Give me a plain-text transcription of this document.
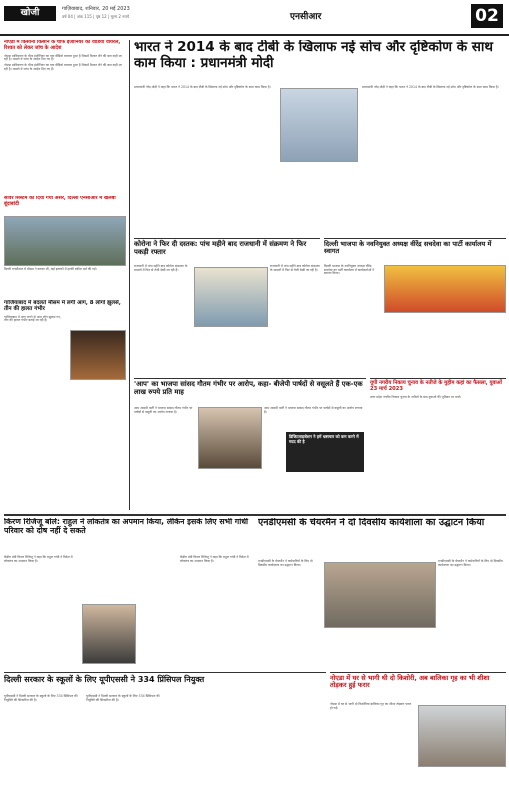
खोजी एनसीआर
गाज़ियाबाद, शनिवार, 20 मई 2023
वर्ष 04 | अंक 115 | पृष्ठ 12 | मूल्य 2 रुपये	एनसीआर	02
नोएडा में किसानी किसान के चीफ इंजीनियर का वीडियो वायरल, रिश्वत को लेकर जांच के आदेश
नोएडा प्राधिकरण के चीफ इंजीनियर का एक वीडियो वायरल हुआ है जिसमें रिश्वत लेने की बात कही जा रही है। मामले में जांच के आदेश दिए गए हैं।
नोएडा प्राधिकरण के चीफ इंजीनियर का एक वीडियो वायरल हुआ है जिसमें रिश्वत लेने की बात कही जा रही है। मामले में जांच के आदेश दिए गए हैं।
सीवर सिस्टम का दिया गया असर, दिल्ली एनसीआर में खलबी बूंदाबांदी
दिल्ली एनसीआर में मौसम ने करवट ली, कई इलाकों में हल्की बारिश दर्ज की गई।
गाजियाबाद में बदलते मौसम में लगी आग, 8 लोगों झुलसे, तीन की हालत गंभीर
गाजियाबाद में आग लगने से आठ लोग झुलस गए, तीन की हालत गंभीर बताई जा रही है।
भारत ने 2014 के बाद टीबी के खिलाफ नई सोच और दृष्टिकोण के साथ काम किया : प्रधानमंत्री मोदी
प्रधानमंत्री नरेंद्र मोदी ने कहा कि भारत ने 2014 के बाद टीबी के खिलाफ नई सोच और दृष्टिकोण के साथ काम किया है।	प्रधानमंत्री नरेंद्र मोदी ने कहा कि भारत ने 2014 के बाद टीबी के खिलाफ नई सोच और दृष्टिकोण के साथ काम किया है।
कोरोना ने फिर दी दस्तक: पांच महीने बाद राजधानी में संक्रमण ने फिर पकड़ी रफ्तार
राजधानी में पांच महीने बाद कोरोना संक्रमण के मामलों में फिर से तेजी देखी जा रही है।
राजधानी में पांच महीने बाद कोरोना संक्रमण के मामलों में फिर से तेजी देखी जा रही है।
दिल्ली भाजपा के नवनियुक्त अध्यक्ष वीरेंद्र सचदेवा का पार्टी कार्यालय में स्वागत
दिल्ली भाजपा के नवनियुक्त अध्यक्ष वीरेंद्र सचदेवा का पार्टी कार्यालय में कार्यकर्ताओं ने स्वागत किया।
'आप' का भाजपा सांसद गौतम गंभीर पर आरोप, कहा- बीजेपी पार्षदों से वसूलते हैं एक-एक लाख रुपये प्रति माह
आम आदमी पार्टी ने भाजपा सांसद गौतम गंभीर पर पार्षदों से वसूली का आरोप लगाया है।
आम आदमी पार्टी ने भाजपा सांसद गौतम गंभीर पर पार्षदों से वसूली का आरोप लगाया है।
डिजिटलाइजेशन ने हमें भ्रष्टाचार को कम करने में मदद की है
यूपी नगरीय निकाय चुनाव के नतीजे के मुहीम कहां का फैसला, युवाओं 23 मार्च 2023
उत्तर प्रदेश नगरीय निकाय चुनाव के नतीजों के बाद युवाओं की भूमिका पर चर्चा।
किरण रिजिजू बोले: राहुल ने लोकतंत्र का अपमान किया, लेकिन इसके लिए सभी गांधी परिवार को दोष नहीं दे सकते
केंद्रीय मंत्री किरण रिजिजू ने कहा कि राहुल गांधी ने विदेश में लोकतंत्र का अपमान किया है।
केंद्रीय मंत्री किरण रिजिजू ने कहा कि राहुल गांधी ने विदेश में लोकतंत्र का अपमान किया है।
एनडीएमसी के चेयरमैन ने दो दिवसीय कार्यशाला का उद्घाटन किया
एनडीएमसी के चेयरमैन ने कर्मचारियों के लिए दो दिवसीय कार्यशाला का उद्घाटन किया।
एनडीएमसी के चेयरमैन ने कर्मचारियों के लिए दो दिवसीय कार्यशाला का उद्घाटन किया।
दिल्ली सरकार के स्कूलों के लिए यूपीएससी ने 334 प्रिंसिपल नियुक्त
यूपीएससी ने दिल्ली सरकार के स्कूलों के लिए 334 प्रिंसिपल की नियुक्ति की सिफारिश की है।
यूपीएससी ने दिल्ली सरकार के स्कूलों के लिए 334 प्रिंसिपल की नियुक्ति की सिफारिश की है।
नोएडा में घर से भागी थी दो किशोरी, अब बालिका गृह का भी शीशा तोड़कर हुई फरार
नोएडा में घर से भागी दो किशोरियां बालिका गृह का शीशा तोड़कर फरार हो गईं।
